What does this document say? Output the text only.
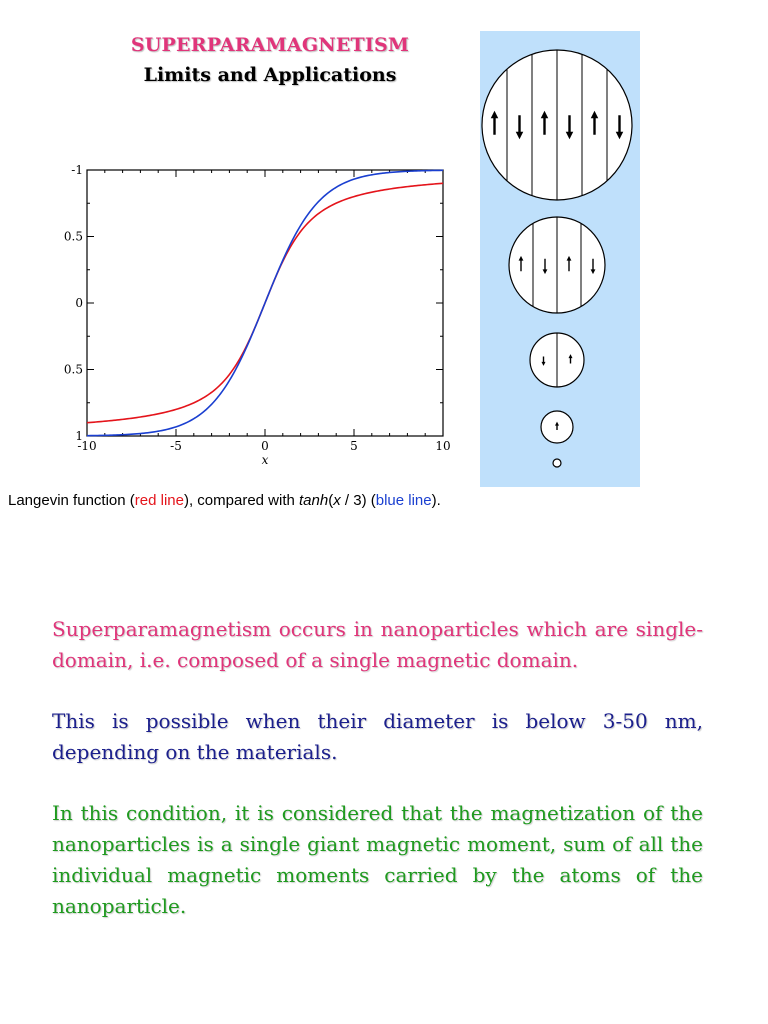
SUPERPARAMAGNETISM
Limits and Applications
-10	-5	0	5	10
1
0.5
0
0.5
-1
x
Langevin function (red line), compared with tanh(x / 3) (blue line).

Superparamagnetism occurs in nanoparticles which are single-domain, i.e. composed of a single magnetic domain.

This is possible when their diameter is below 3-50 nm, depending on the materials.

In this condition, it is considered that the magnetization of the nanoparticles is a single giant magnetic moment, sum of all the individual magnetic moments carried by the atoms of the nanoparticle.
